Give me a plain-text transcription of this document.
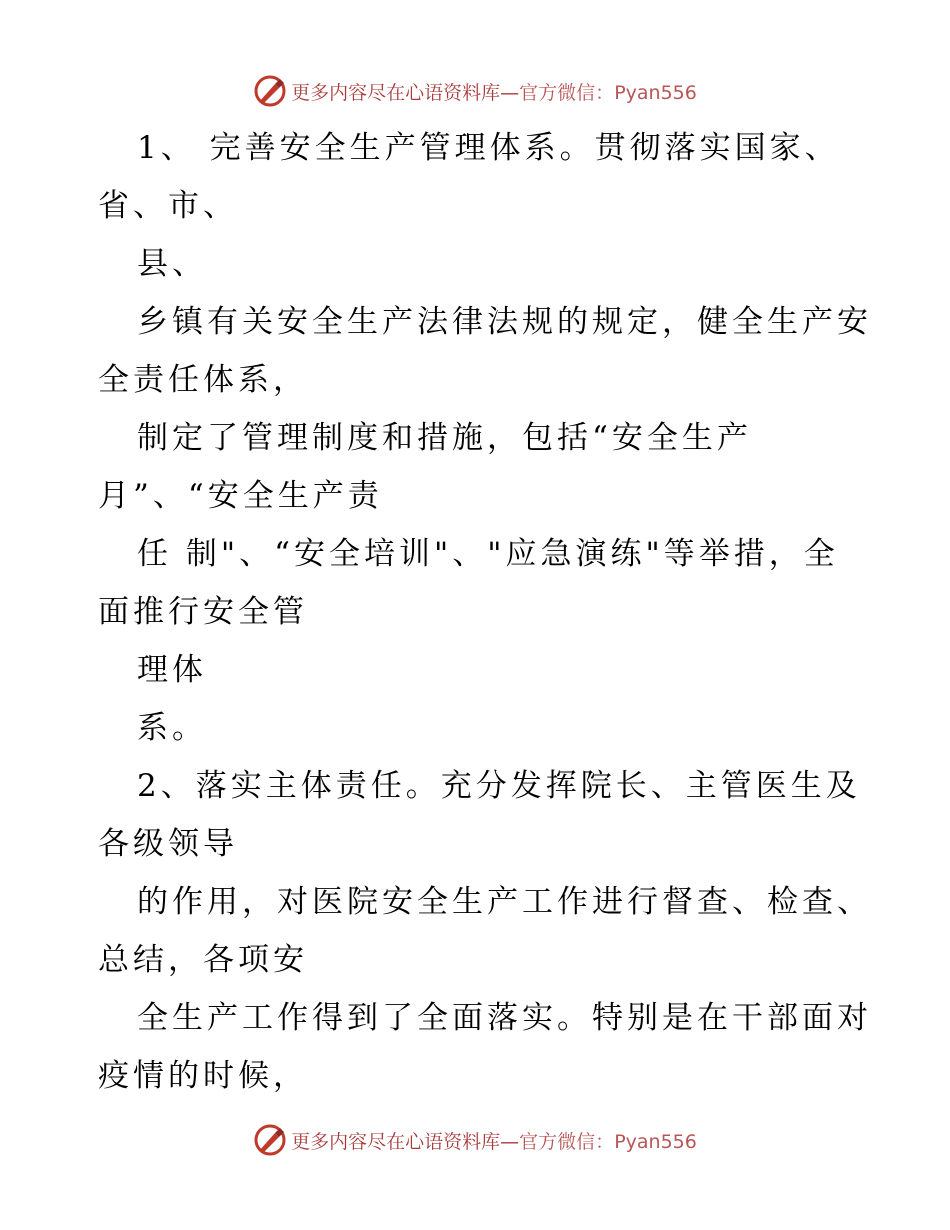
更多内容尽在心语资料库—官方微信：Pyan556
1、 完善安全生产管理体系。贯彻落实国家、
省、市、
县、
乡镇有关安全生产法律法规的规定，健全生产安
全责任体系，
制定了管理制度和措施，包括“安全生产
月”、“安全生产责
任 制"、“安全培训"、"应急演练"等举措，全
面推行安全管
理体
系。
2、落实主体责任。充分发挥院长、主管医生及
各级领导
的作用，对医院安全生产工作进行督查、检查、
总结，各项安
全生产工作得到了全面落实。特别是在干部面对
疫情的时候，
更多内容尽在心语资料库—官方微信：Pyan556
